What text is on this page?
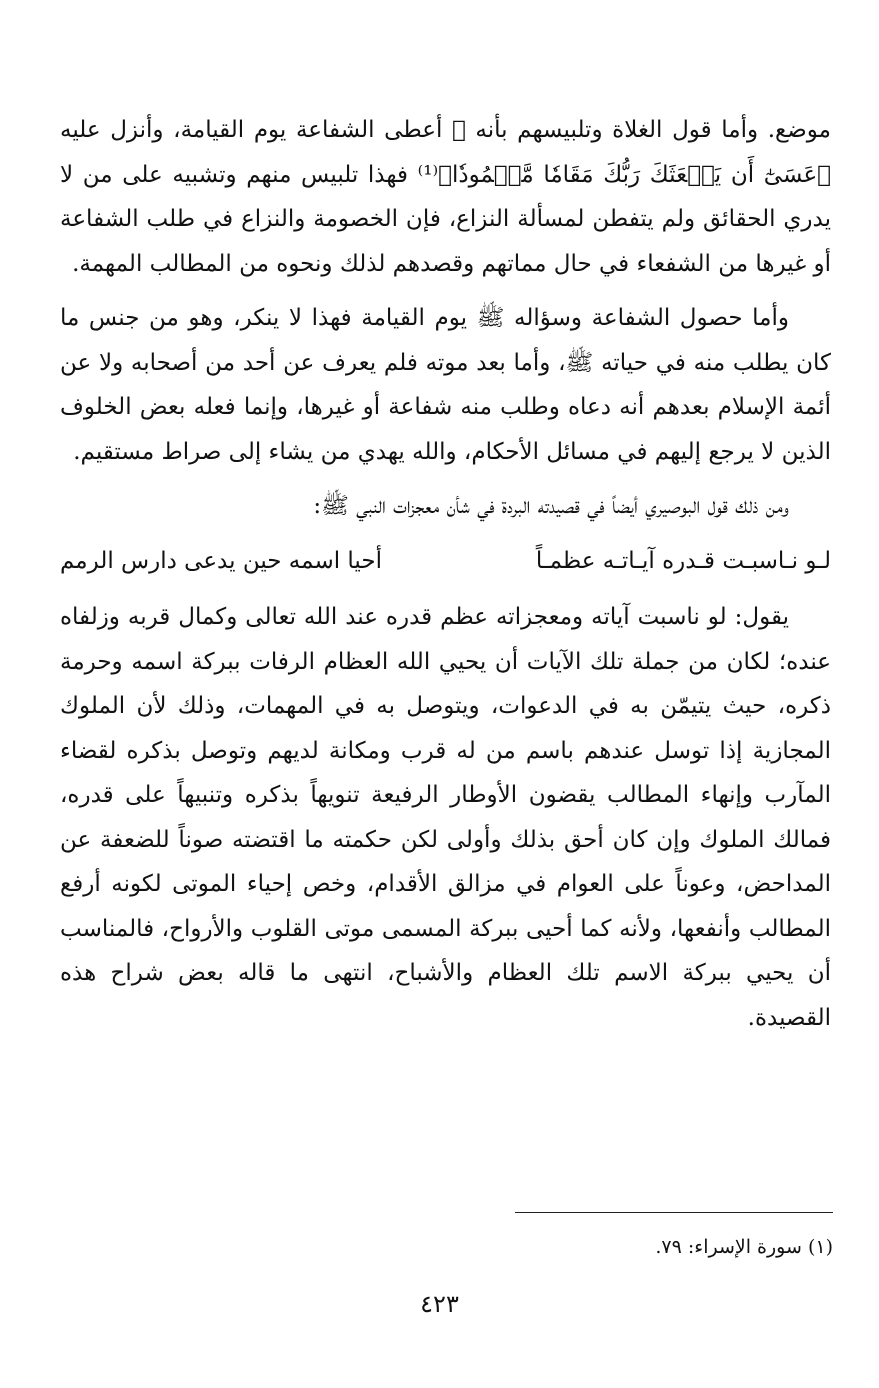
موضع. وأما قول الغلاة وتلبيسهم بأنه ﷺ أعطى الشفاعة يوم القيامة، وأنزل عليه ﴿عَسَىٰٓ أَن يَبۡعَثَكَ رَبُّكَ مَقَامٗا مَّحۡمُودٗا﴾⁽¹⁾ فهذا تلبيس منهم وتشبيه على من لا يدري الحقائق ولم يتفطن لمسألة النزاع، فإن الخصومة والنزاع في طلب الشفاعة أو غيرها من الشفعاء في حال مماتهم وقصدهم لذلك ونحوه من المطالب المهمة.

وأما حصول الشفاعة وسؤاله ﷺ يوم القيامة فهذا لا ينكر، وهو من جنس ما كان يطلب منه في حياته ﷺ، وأما بعد موته فلم يعرف عن أحد من أصحابه ولا عن أئمة الإسلام بعدهم أنه دعاه وطلب منه شفاعة أو غيرها، وإنما فعله بعض الخلوف الذين لا يرجع إليهم في مسائل الأحكام، والله يهدي من يشاء إلى صراط مستقيم.

ومن ذلك قول البوصيري أيضاً في قصيدته البردة في شأن معجزات النبي ﷺ:

لـو نـاسبـت قـدره آيـاتـه عظمـاً
أحيا اسمه حين يدعى دارس الرمم

يقول: لو ناسبت آياته ومعجزاته عظم قدره عند الله تعالى وكمال قربه وزلفاه عنده؛ لكان من جملة تلك الآيات أن يحيي الله العظام الرفات ببركة اسمه وحرمة ذكره، حيث يتيمّن به في الدعوات، ويتوصل به في المهمات، وذلك لأن الملوك المجازية إذا توسل عندهم باسم من له قرب ومكانة لديهم وتوصل بذكره لقضاء المآرب وإنهاء المطالب يقضون الأوطار الرفيعة تنويهاً بذكره وتنبيهاً على قدره، فمالك الملوك وإن كان أحق بذلك وأولى لكن حكمته ما اقتضته صوناً للضعفة عن المداحض، وعوناً على العوام في مزالق الأقدام، وخص إحياء الموتى لكونه أرفع المطالب وأنفعها، ولأنه كما أحيى ببركة المسمى موتى القلوب والأرواح، فالمناسب أن يحيي ببركة الاسم تلك العظام والأشباح، انتهى ما قاله بعض شراح هذه القصيدة.

(١) سورة الإسراء: ٧٩.
٤٢٣
